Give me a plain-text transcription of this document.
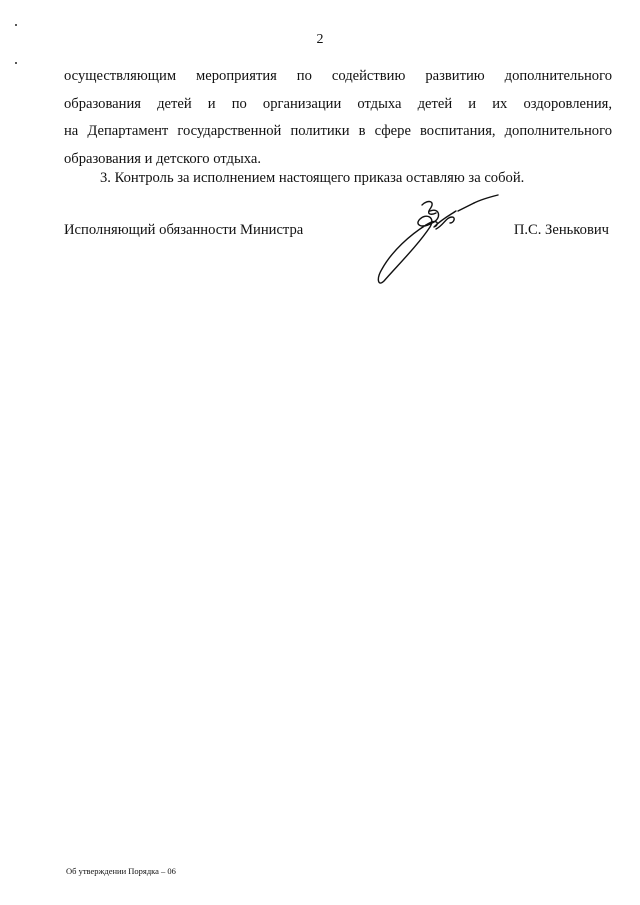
2
осуществляющим мероприятия по содействию развитию дополнительного
образования детей и по организации отдыха детей и их оздоровления,
на Департамент государственной политики в сфере воспитания, дополнительного
образования и детского отдыха.
3. Контроль за исполнением настоящего приказа оставляю за собой.
Исполняющий обязанности Министра	П.С. Зенькович
Об утверждении Порядка – 06
